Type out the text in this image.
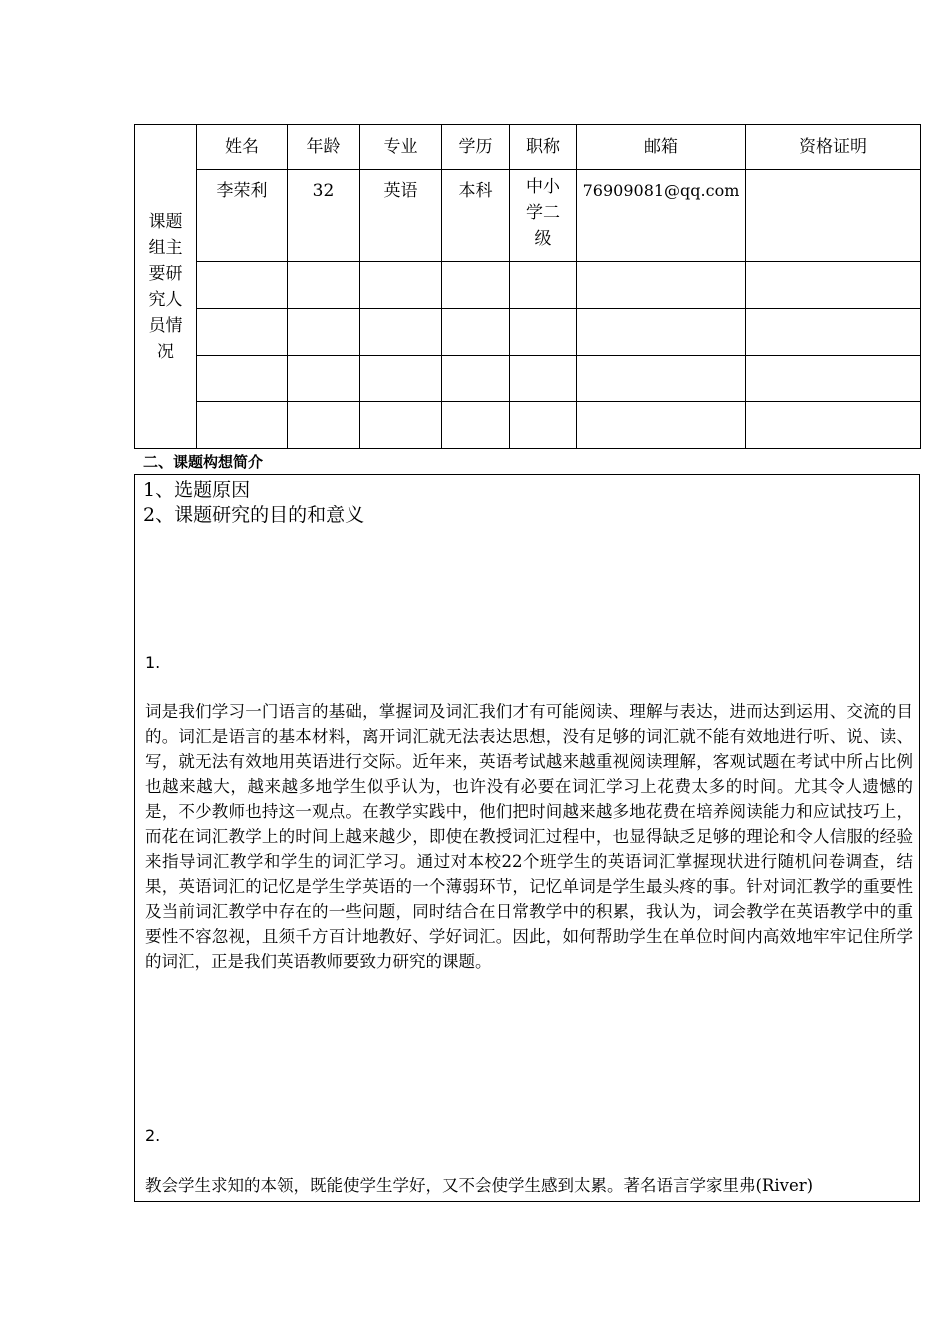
课题组主要研究人员情况	姓名	年龄	专业	学历	职称	邮箱	资格证明
	李荣利	32	英语	本科	中小学二级	76909081@qq.com	

二、课题构想简介
1、选题原因
2、课题研究的目的和意义
1.
词是我们学习一门语言的基础，掌握词及词汇我们才有可能阅读、理解与表达，进而达到运用、交流的目的。词汇是语言的基本材料，离开词汇就无法表达思想，没有足够的词汇就不能有效地进行听、说、读、写，就无法有效地用英语进行交际。近年来，英语考试越来越重视阅读理解，客观试题在考试中所占比例也越来越大，越来越多地学生似乎认为，也许没有必要在词汇学习上花费太多的时间。尤其令人遗憾的是，不少教师也持这一观点。在教学实践中，他们把时间越来越多地花费在培养阅读能力和应试技巧上，而花在词汇教学上的时间上越来越少，即使在教授词汇过程中，也显得缺乏足够的理论和令人信服的经验来指导词汇教学和学生的词汇学习。通过对本校22个班学生的英语词汇掌握现状进行随机问卷调查，结果，英语词汇的记忆是学生学英语的一个薄弱环节，记忆单词是学生最头疼的事。针对词汇教学的重要性及当前词汇教学中存在的一些问题，同时结合在日常教学中的积累，我认为，词会教学在英语教学中的重要性不容忽视，且须千方百计地教好、学好词汇。因此，如何帮助学生在单位时间内高效地牢牢记住所学的词汇，正是我们英语教师要致力研究的课题。
2.
教会学生求知的本领，既能使学生学好，又不会使学生感到太累。著名语言学家里弗(River)
